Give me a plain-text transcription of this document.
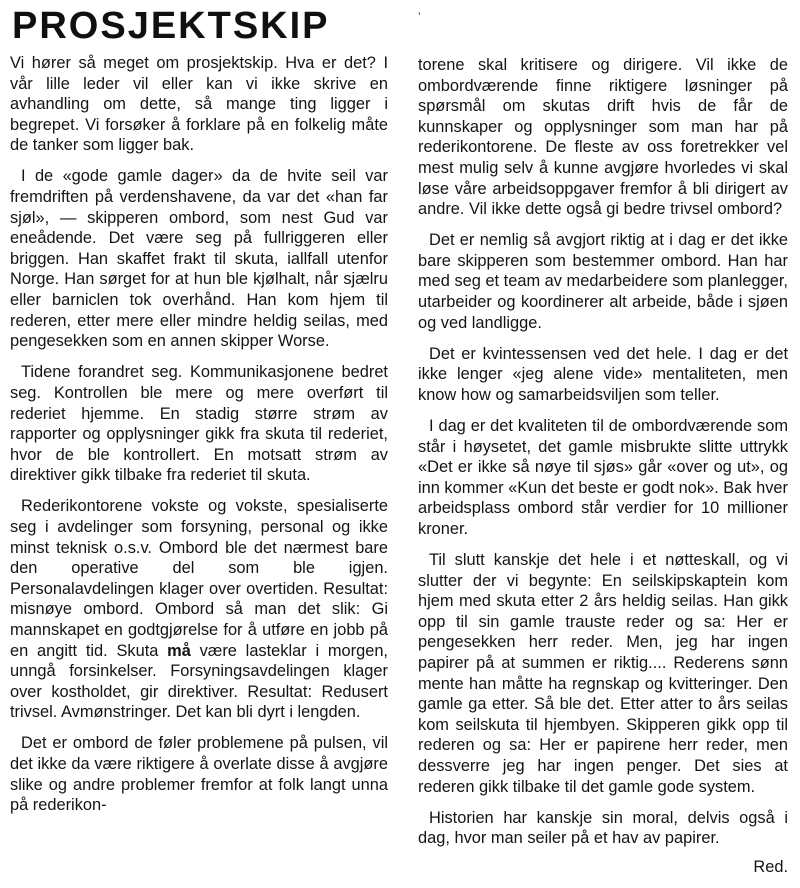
PROSJEKTSKIP	’

Vi hører så meget om prosjektskip. Hva er det? I vår lille leder vil eller kan vi ikke skrive en avhandling om dette, så mange ting ligger i begrepet. Vi forsøker å forklare på en folkelig måte de tanker som ligger bak.

I de «gode gamle dager» da de hvite seil var fremdriften på verdenshavene, da var det «han far sjøl», — skipperen ombord, som nest Gud var eneådende. Det være seg på fullriggeren eller briggen. Han skaffet frakt til skuta, iallfall utenfor Norge. Han sørget for at hun ble kjølhalt, når sjælru eller barniclen tok overhånd. Han kom hjem til rederen, etter mere eller mindre heldig seilas, med pengesekken som en annen skipper Worse.

Tidene forandret seg. Kommunikasjonene bedret seg. Kontrollen ble mere og mere overført til rederiet hjemme. En stadig større strøm av rapporter og opplysninger gikk fra skuta til rederiet, hvor de ble kontrollert. En motsatt strøm av direktiver gikk tilbake fra rederiet til skuta.

Rederikontorene vokste og vokste, spesialiserte seg i avdelinger som forsyning, personal og ikke minst teknisk o.s.v. Ombord ble det nærmest bare den operative del som ble igjen. Personalavdelingen klager over overtiden. Resultat: misnøye ombord. Ombord så man det slik: Gi mannskapet en godtgjørelse for å utføre en jobb på en angitt tid. Skuta må være lasteklar i morgen, unngå forsinkelser. Forsyningsavdelingen klager over kostholdet, gir direktiver. Resultat: Redusert trivsel. Avmønstringer. Det kan bli dyrt i lengden.

Det er ombord de føler problemene på pulsen, vil det ikke da være riktigere å overlate disse å avgjøre slike og andre problemer fremfor at folk langt unna på rederikon-

torene skal kritisere og dirigere. Vil ikke de ombordværende finne riktigere løsninger på spørsmål om skutas drift hvis de får de kunnskaper og opplysninger som man har på rederikontorene. De fleste av oss foretrekker vel mest mulig selv å kunne avgjøre hvorledes vi skal løse våre arbeidsoppgaver fremfor å bli dirigert av andre. Vil ikke dette også gi bedre trivsel ombord?

Det er nemlig så avgjort riktig at i dag er det ikke bare skipperen som bestemmer ombord. Han har med seg et team av medarbeidere som planlegger, utarbeider og koordinerer alt arbeide, både i sjøen og ved landligge.

Det er kvintessensen ved det hele. I dag er det ikke lenger «jeg alene vide» mentaliteten, men know how og samarbeidsviljen som teller.

I dag er det kvaliteten til de ombordværende som står i høysetet, det gamle misbrukte slitte uttrykk «Det er ikke så nøye til sjøs» går «over og ut», og inn kommer «Kun det beste er godt nok». Bak hver arbeidsplass ombord står verdier for 10 millioner kroner.

Til slutt kanskje det hele i et nøtteskall, og vi slutter der vi begynte: En seilskipskaptein kom hjem med skuta etter 2 års heldig seilas. Han gikk opp til sin gamle trauste reder og sa: Her er pengesekken herr reder. Men, jeg har ingen papirer på at summen er riktig.... Rederens sønn mente han måtte ha regnskap og kvitteringer. Den gamle ga etter. Så ble det. Etter atter to års seilas kom seilskuta til hjembyen. Skipperen gikk opp til rederen og sa: Her er papirene herr reder, men dessverre jeg har ingen penger. Det sies at rederen gikk tilbake til det gamle gode system.

Historien har kanskje sin moral, delvis også i dag, hvor man seiler på et hav av papirer.

Red.
